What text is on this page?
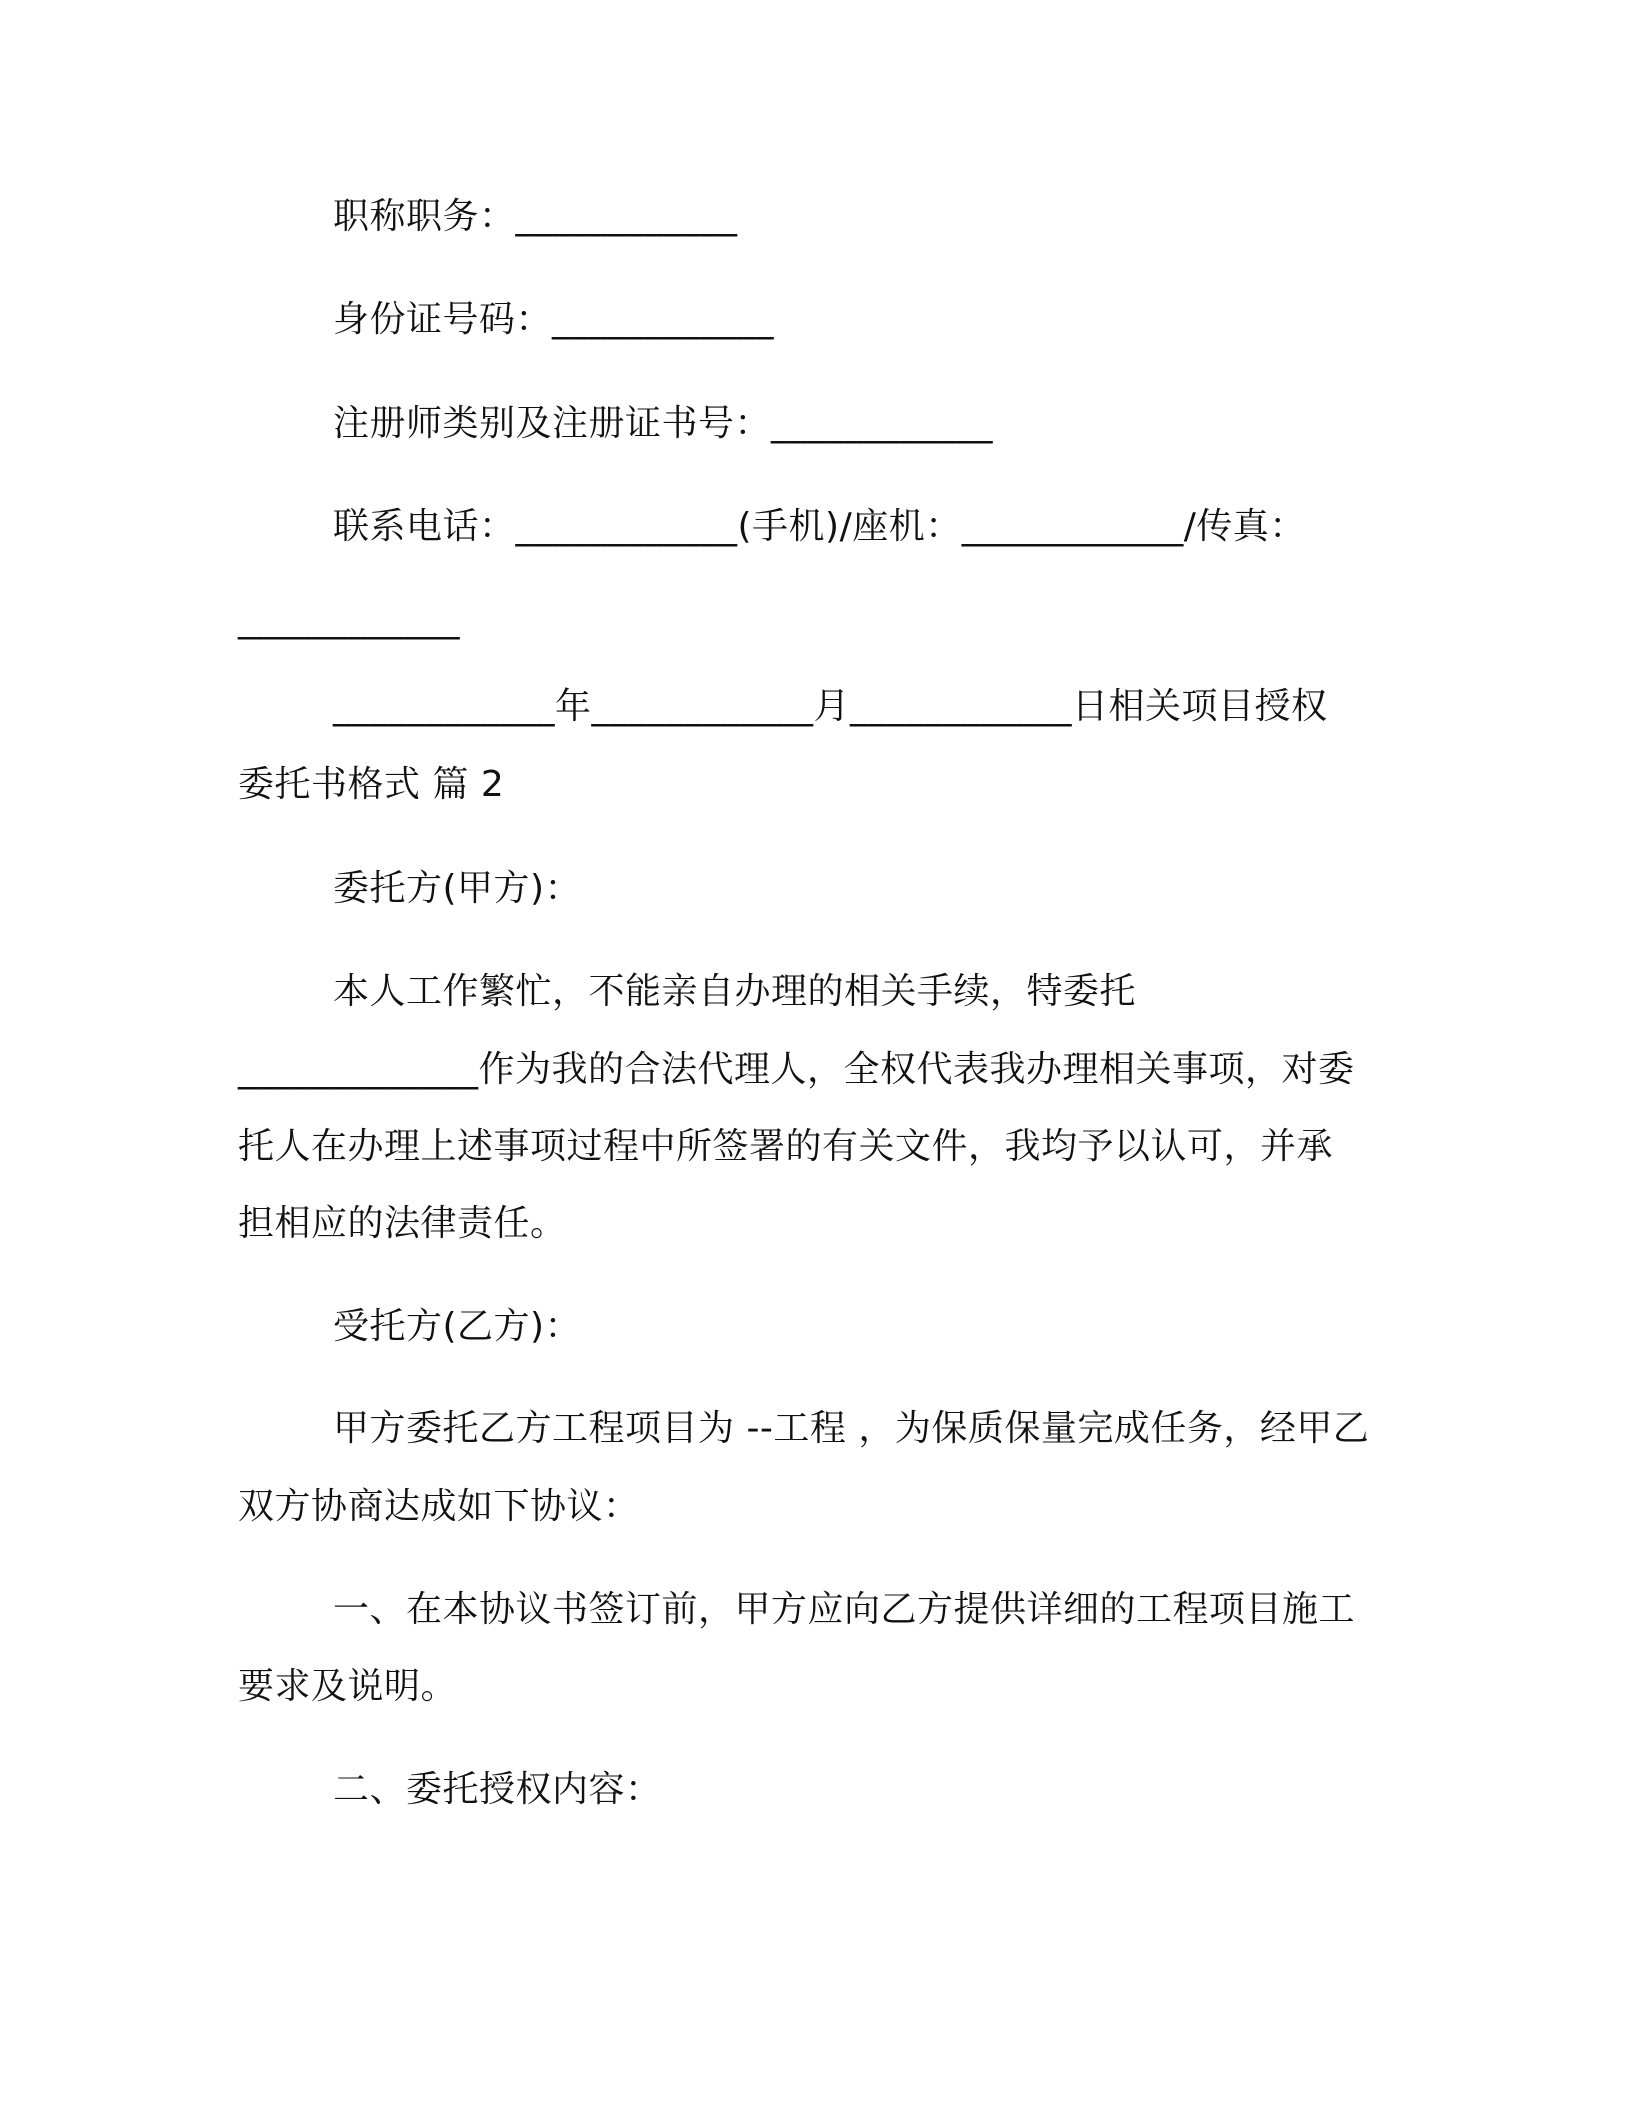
职称职务：____________
身份证号码：____________
注册师类别及注册证书号：____________
联系电话：____________(手机)/座机：____________/传真：
____________
____________年____________月____________日相关项目授权
委托书格式 篇 2
委托方(甲方)：
本人工作繁忙，不能亲自办理的相关手续，特委托
_____________作为我的合法代理人，全权代表我办理相关事项，对委
托人在办理上述事项过程中所签署的有关文件，我均予以认可，并承
担相应的法律责任。
受托方(乙方)：
甲方委托乙方工程项目为 --工程 ，为保质保量完成任务，经甲乙
双方协商达成如下协议：
一、在本协议书签订前，甲方应向乙方提供详细的工程项目施工
要求及说明。
二、委托授权内容：
